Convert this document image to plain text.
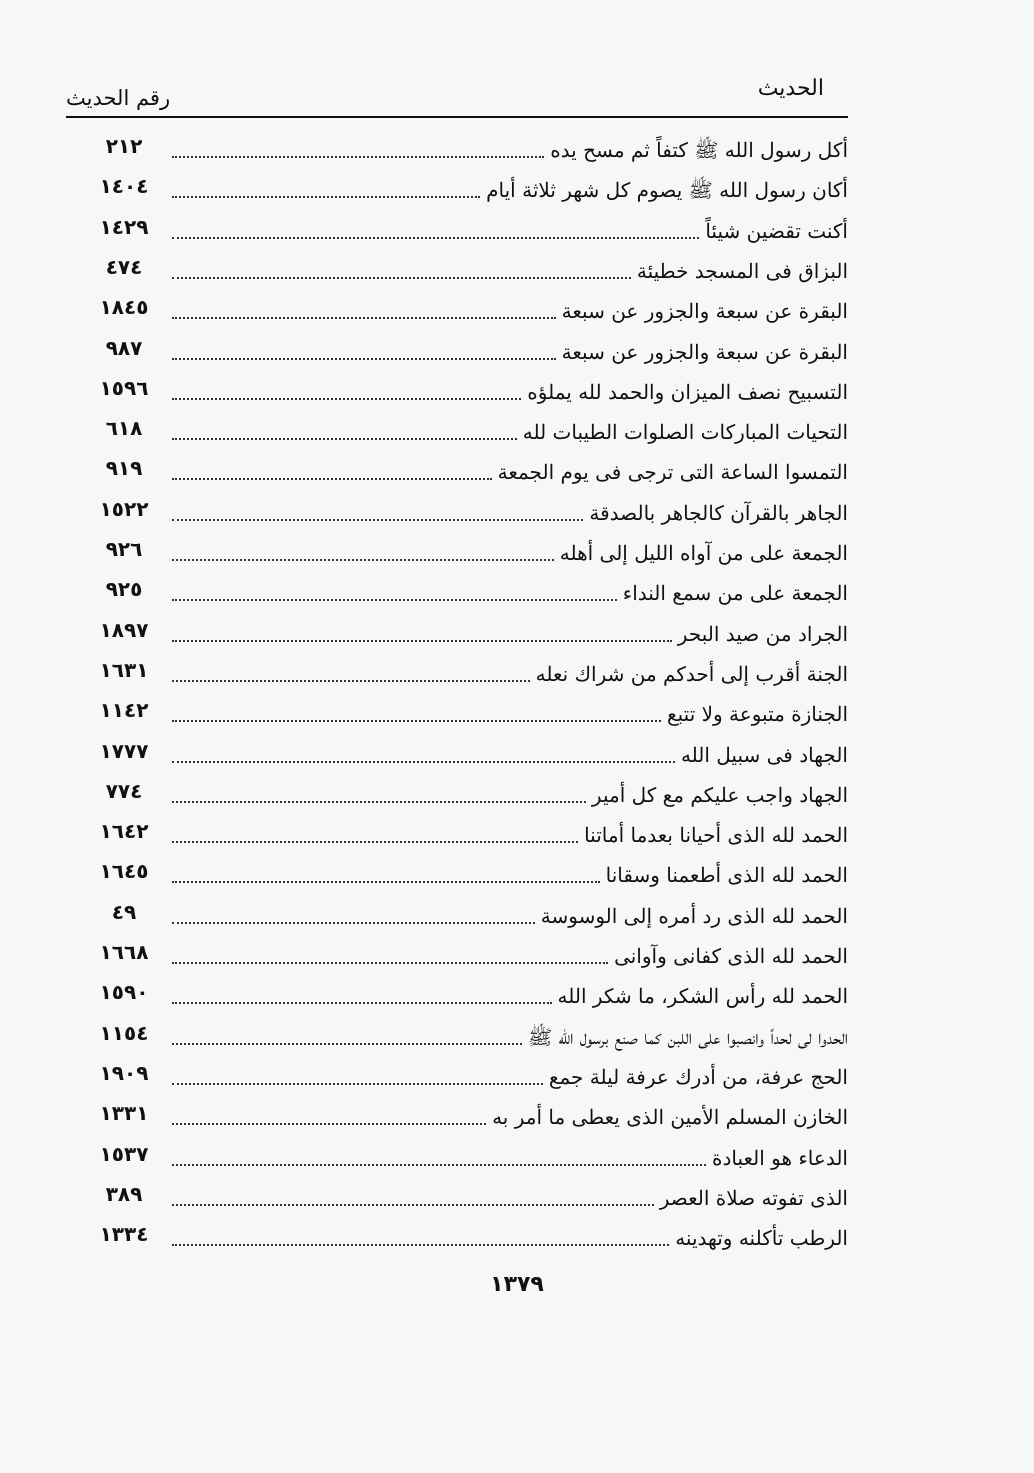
الحديث
رقم الحديث
٢١٢	أكل رسول الله ﷺ كتفاً ثم مسح يده
١٤٠٤	أكان رسول الله ﷺ يصوم كل شهر ثلاثة أيام
١٤٢٩	أكنت تقضين شيئاً
٤٧٤	البزاق فى المسجد خطيئة
١٨٤٥	البقرة عن سبعة والجزور عن سبعة
٩٨٧	البقرة عن سبعة والجزور عن سبعة
١٥٩٦	التسبيح نصف الميزان والحمد لله يملؤه
٦١٨	التحيات المباركات الصلوات الطيبات لله
٩١٩	التمسوا الساعة التى ترجى فى يوم الجمعة
١٥٢٢	الجاهر بالقرآن كالجاهر بالصدقة
٩٢٦	الجمعة على من آواه الليل إلى أهله
٩٢٥	الجمعة على من سمع النداء
١٨٩٧	الجراد من صيد البحر
١٦٣١	الجنة أقرب إلى أحدكم من شراك نعله
١١٤٢	الجنازة متبوعة ولا تتبع
١٧٧٧	الجهاد فى سبيل الله
٧٧٤	الجهاد واجب عليكم مع كل أمير
١٦٤٢	الحمد لله الذى أحيانا بعدما أماتنا
١٦٤٥	الحمد لله الذى أطعمنا وسقانا
٤٩	الحمد لله الذى رد أمره إلى الوسوسة
١٦٦٨	الحمد لله الذى كفانى وآوانى
١٥٩٠	الحمد لله رأس الشكر، ما شكر الله
١١٥٤	الحدوا لى لحداً وانصبوا على اللبن كما صنع برسول الله ﷺ
١٩٠٩	الحج عرفة، من أدرك عرفة ليلة جمع
١٣٣١	الخازن المسلم الأمين الذى يعطى ما أمر به
١٥٣٧	الدعاء هو العبادة
٣٨٩	الذى تفوته صلاة العصر
١٣٣٤	الرطب تأكلنه وتهدينه
١٣٧٩
